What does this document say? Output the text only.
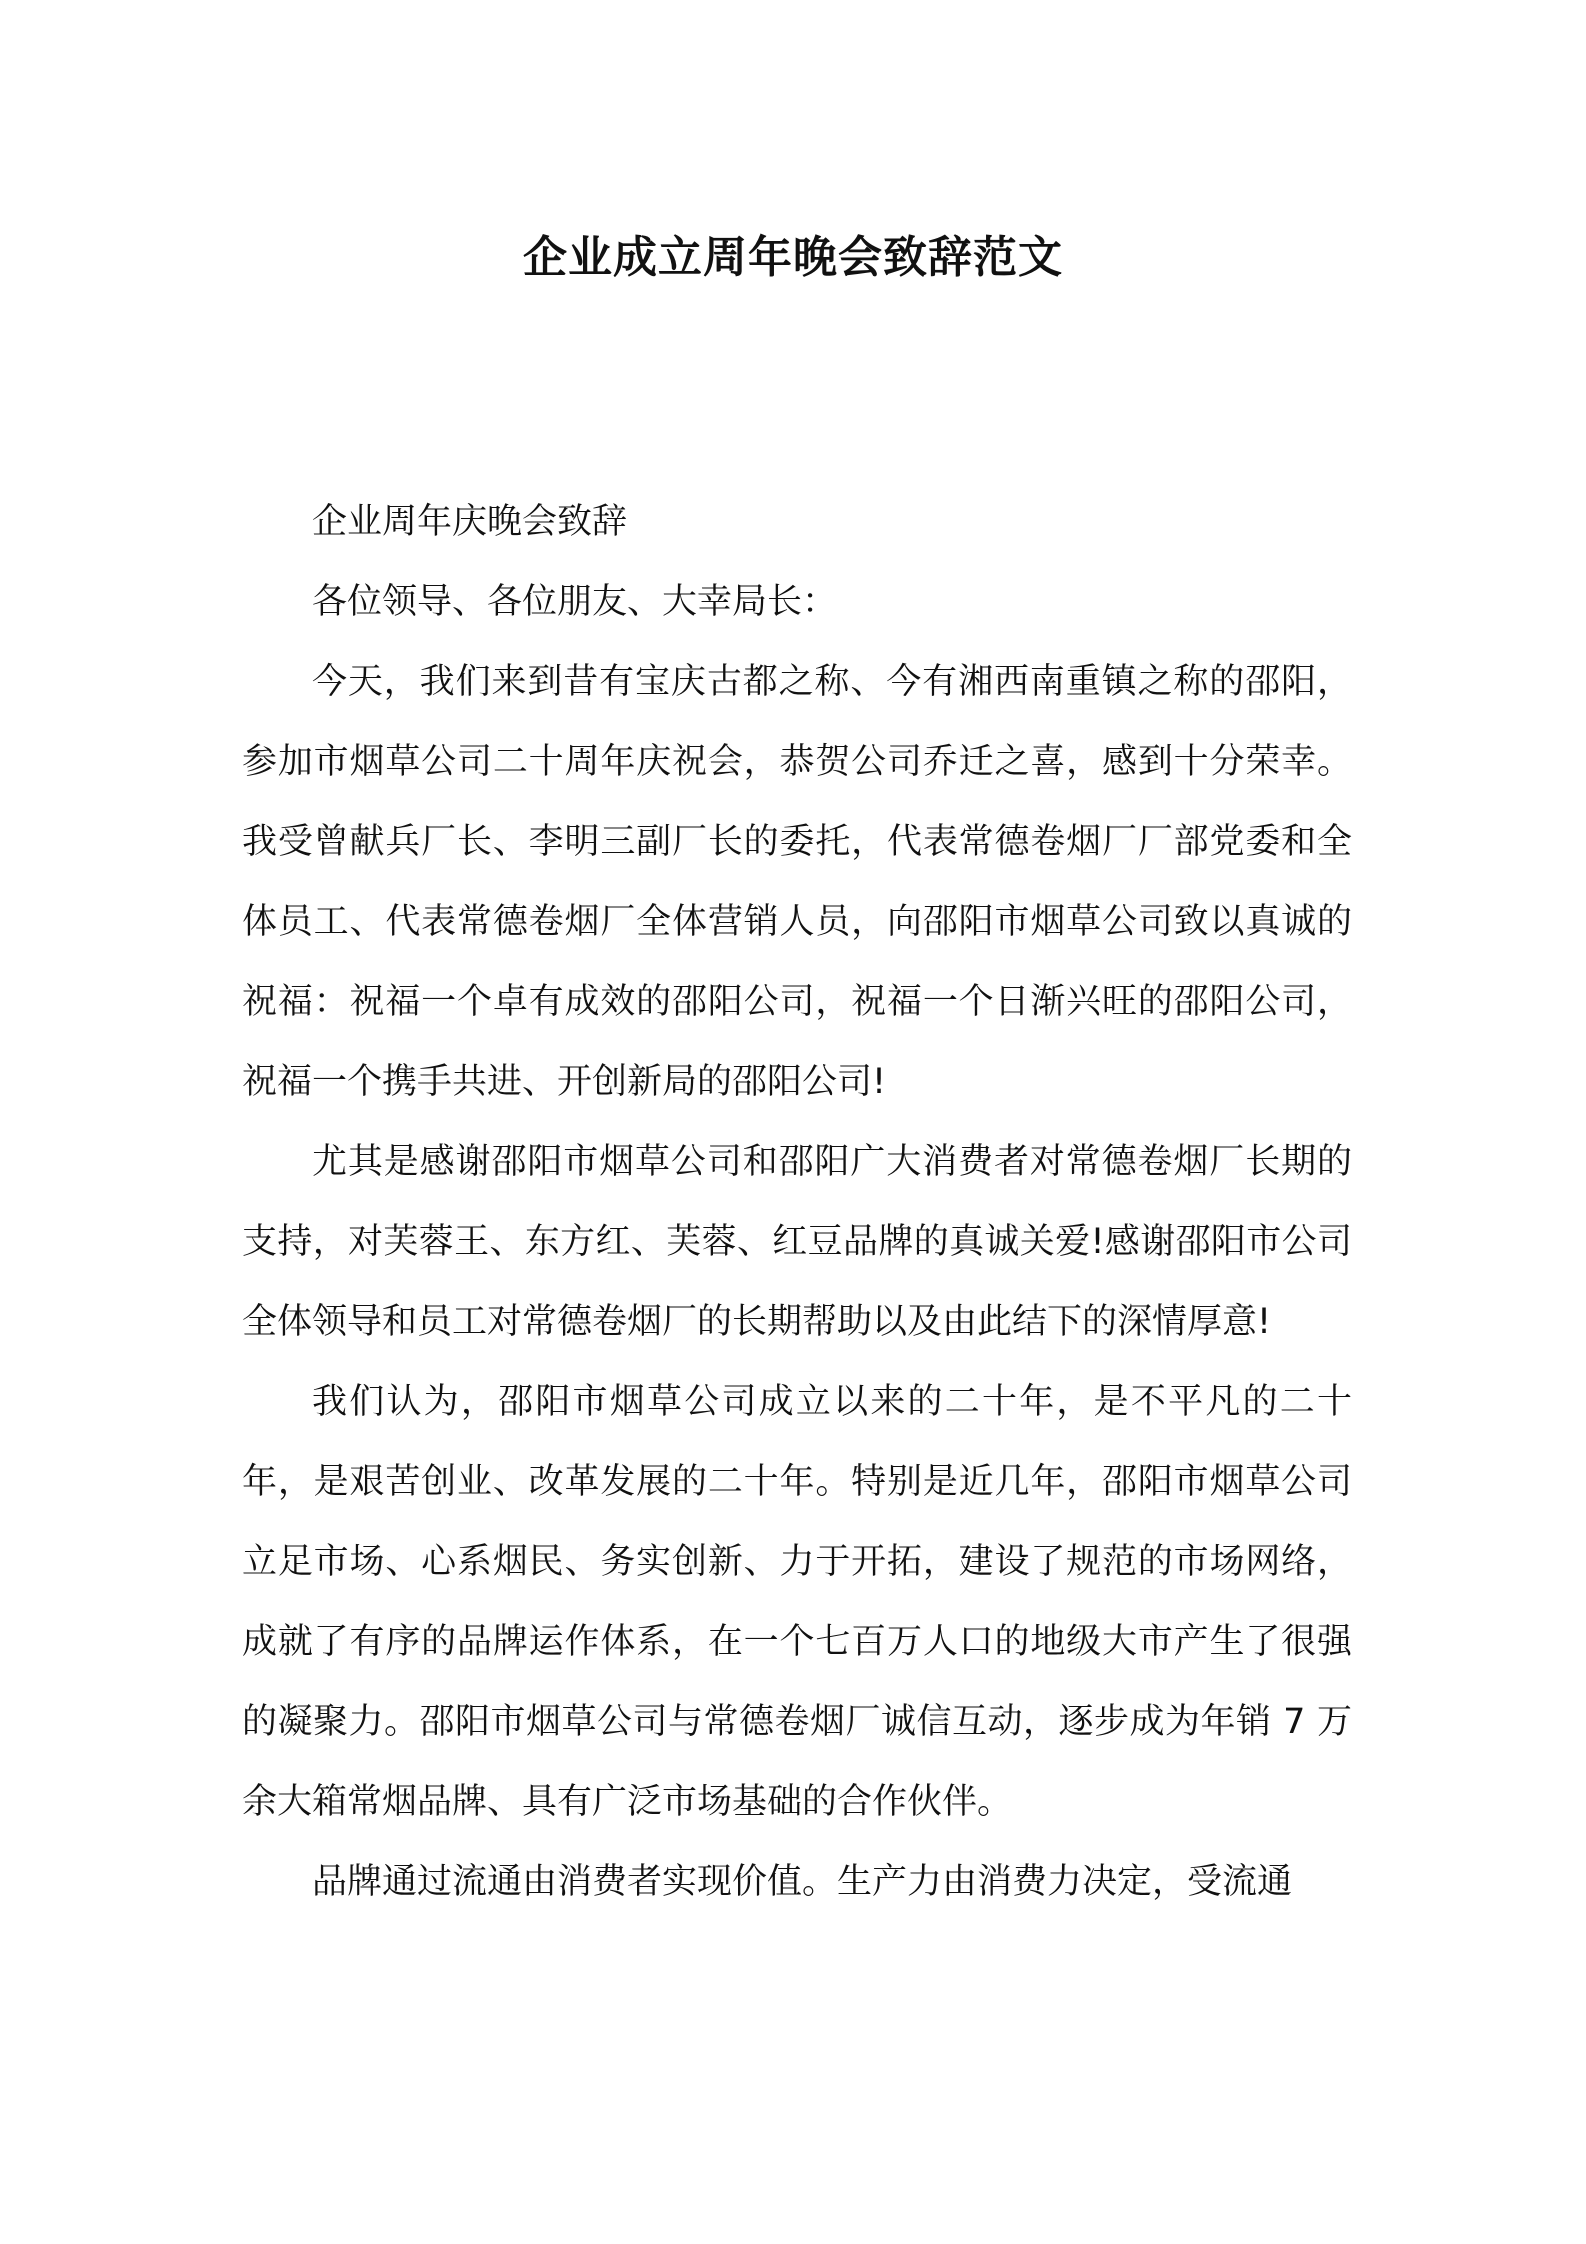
企业成立周年晚会致辞范文

企业周年庆晚会致辞

各位领导、各位朋友、大幸局长：

今天，我们来到昔有宝庆古都之称、今有湘西南重镇之称的邵阳，参加市烟草公司二十周年庆祝会，恭贺公司乔迁之喜，感到十分荣幸。我受曾献兵厂长、李明三副厂长的委托，代表常德卷烟厂厂部党委和全体员工、代表常德卷烟厂全体营销人员，向邵阳市烟草公司致以真诚的祝福：祝福一个卓有成效的邵阳公司，祝福一个日渐兴旺的邵阳公司，祝福一个携手共进、开创新局的邵阳公司!

尤其是感谢邵阳市烟草公司和邵阳广大消费者对常德卷烟厂长期的支持，对芙蓉王、东方红、芙蓉、红豆品牌的真诚关爱!感谢邵阳市公司全体领导和员工对常德卷烟厂的长期帮助以及由此结下的深情厚意!

我们认为，邵阳市烟草公司成立以来的二十年，是不平凡的二十年，是艰苦创业、改革发展的二十年。特别是近几年，邵阳市烟草公司立足市场、心系烟民、务实创新、力于开拓，建设了规范的市场网络，成就了有序的品牌运作体系，在一个七百万人口的地级大市产生了很强的凝聚力。邵阳市烟草公司与常德卷烟厂诚信互动，逐步成为年销 7 万余大箱常烟品牌、具有广泛市场基础的合作伙伴。

品牌通过流通由消费者实现价值。生产力由消费力决定，受流通
